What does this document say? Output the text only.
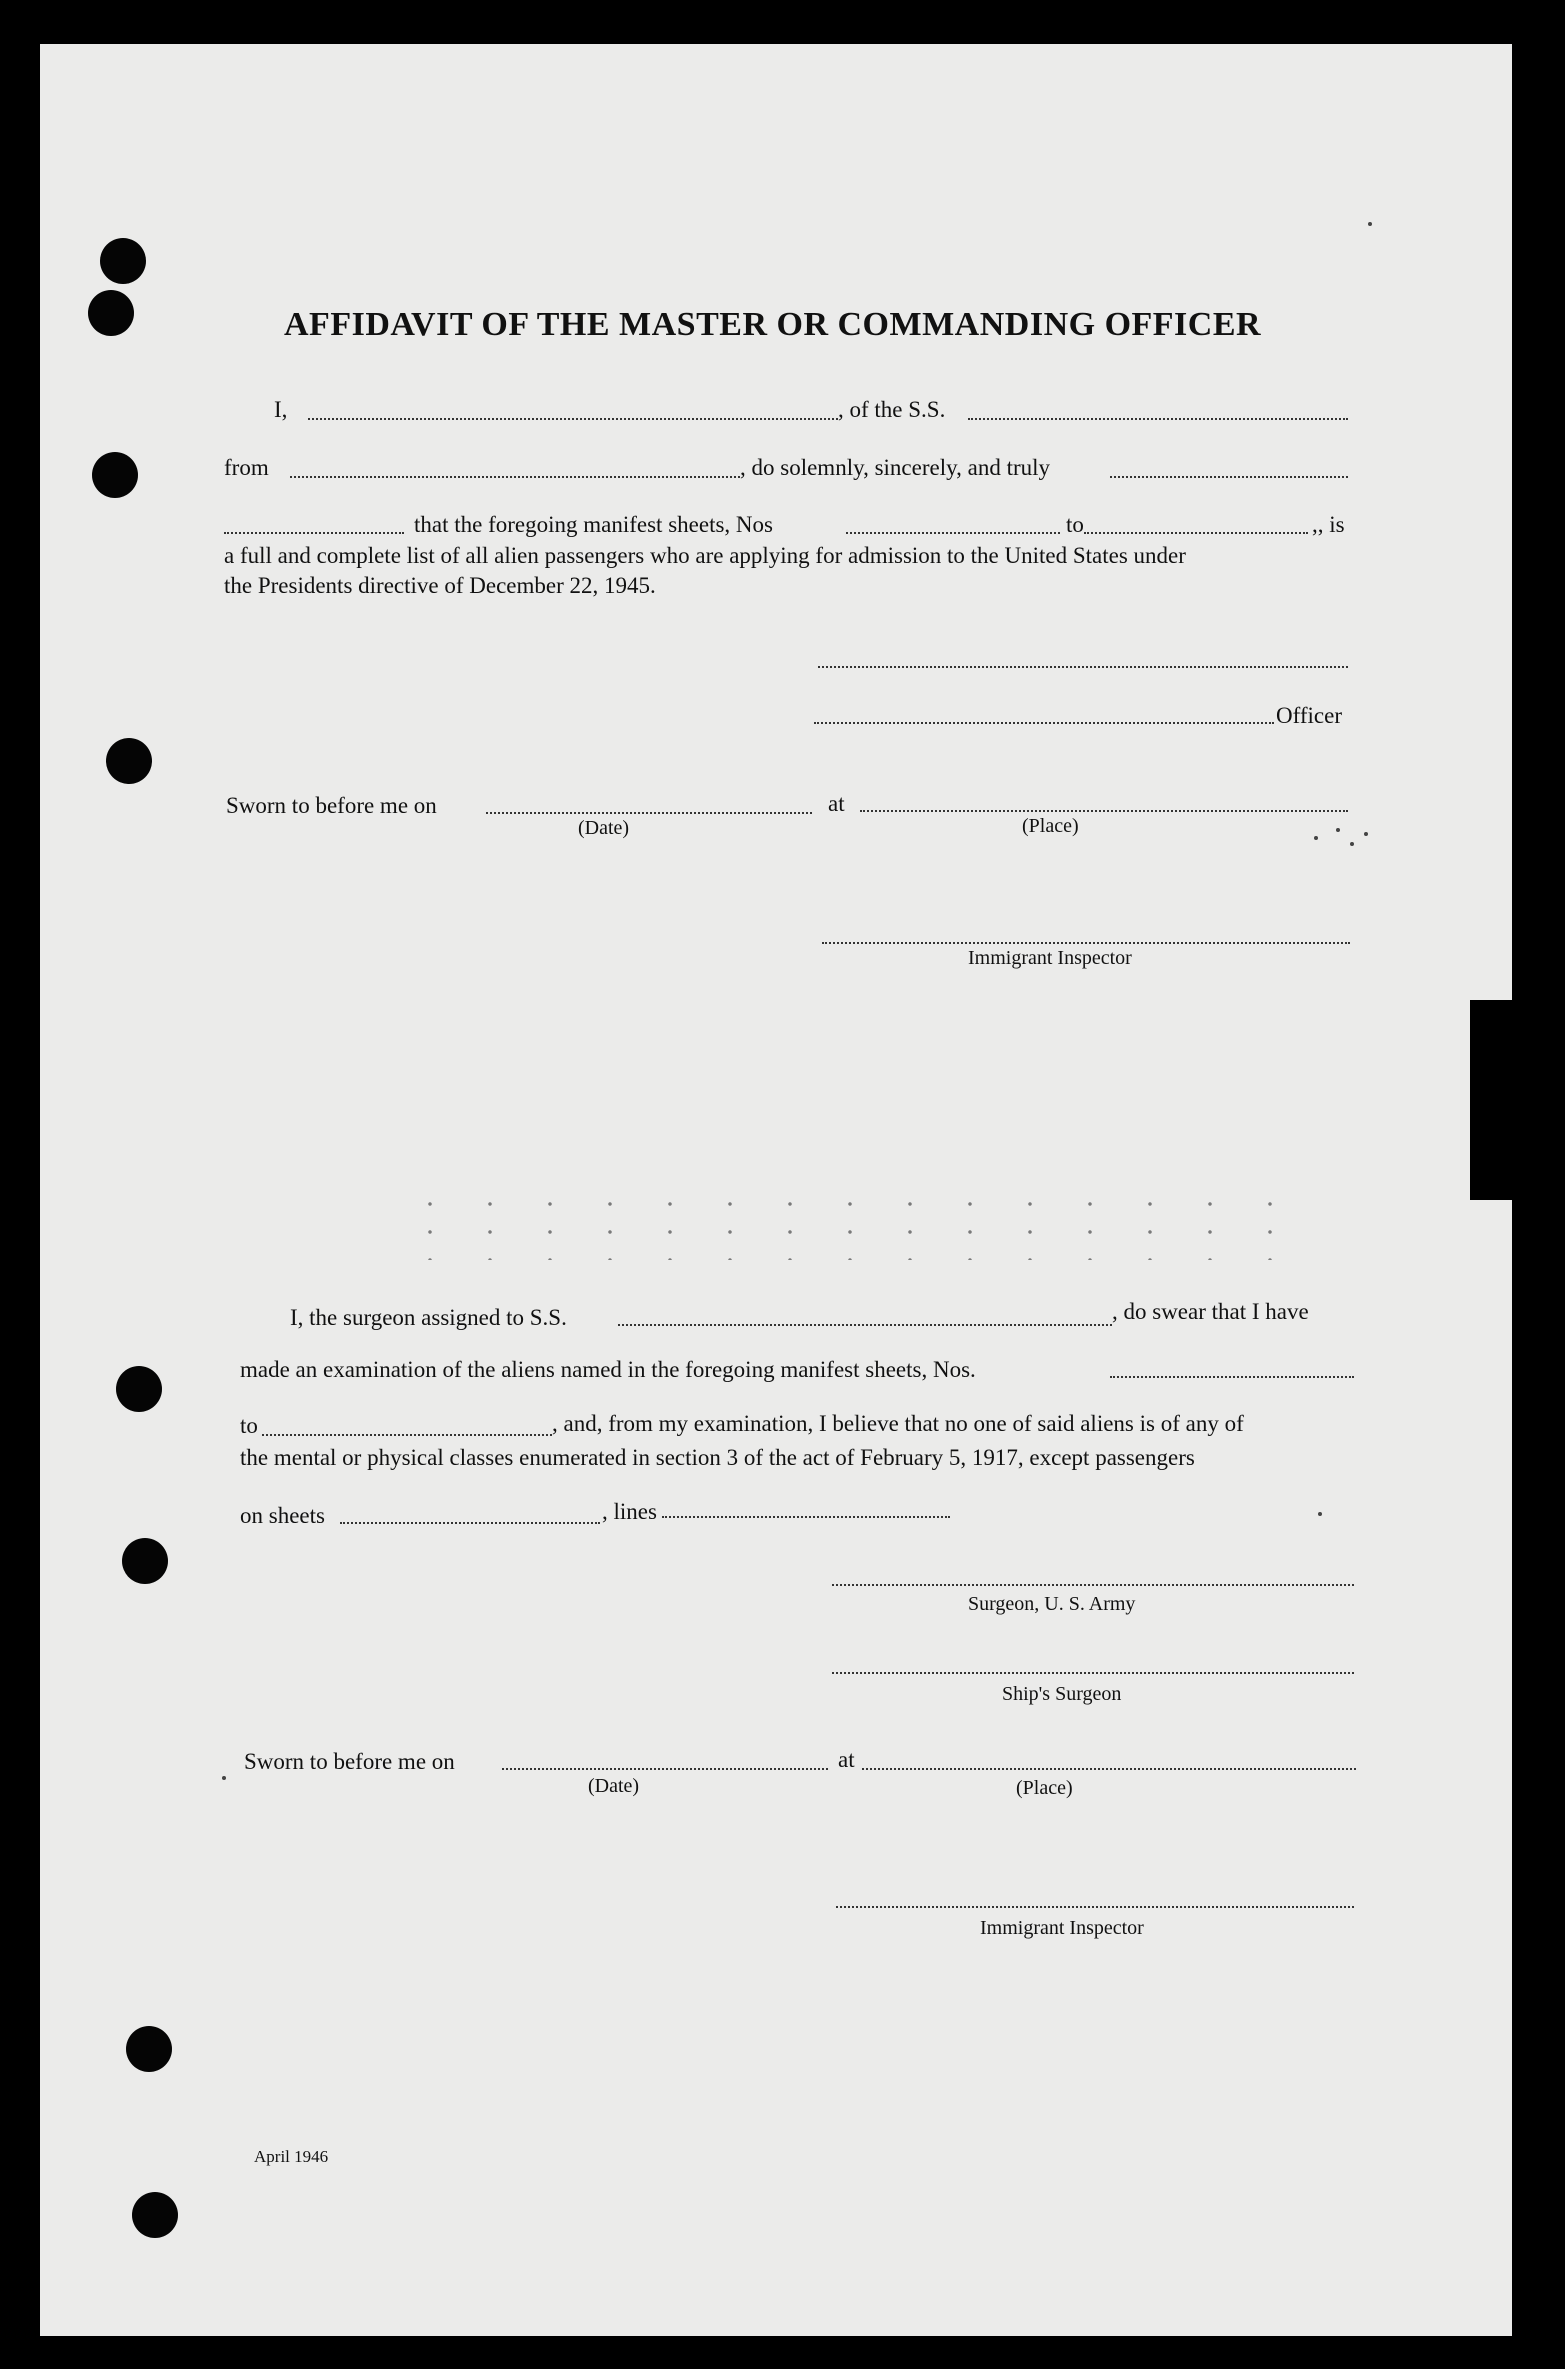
AFFIDAVIT OF THE MASTER OR COMMANDING OFFICER
I,	, of the S.S.
from	, do solemnly, sincerely, and truly
that the foregoing manifest sheets, Nos	to	,, is
a full and complete list of all alien passengers who are applying for admission to the United States under
the Presidents directive of December 22, 1945.
Officer
Sworn to before me on	at
(Date)	(Place)
Immigrant Inspector
I, the surgeon assigned to S.S.	, do swear that I have
made an examination of the aliens named in the foregoing manifest sheets, Nos.
to	, and, from my examination, I believe that no one of said aliens is of any of
the mental or physical classes enumerated in section 3 of the act of February 5, 1917, except passengers
on sheets	, lines
Surgeon, U. S. Army
Ship's Surgeon
Sworn to before me on	at
(Date)	(Place)
Immigrant Inspector
April 1946
